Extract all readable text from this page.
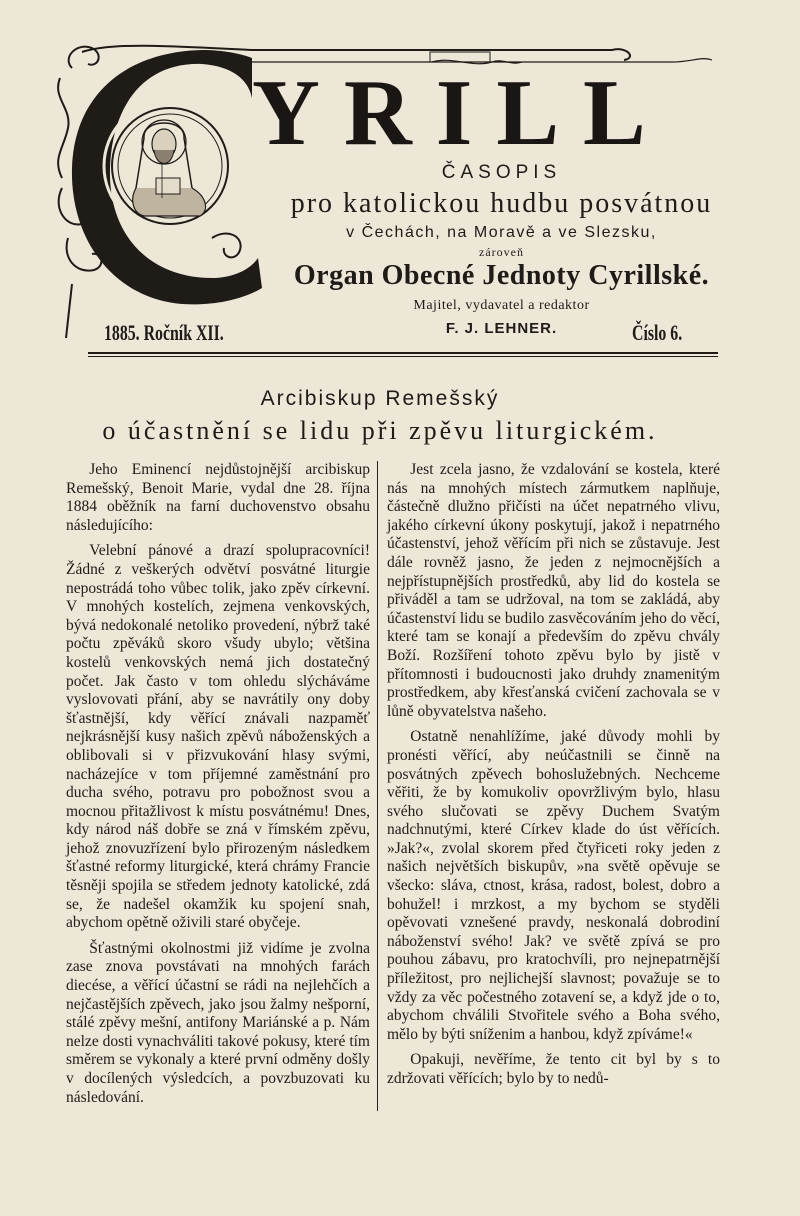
YRILL
ČASOPIS
pro katolickou hudbu posvátnou
v Čechách, na Moravě a ve Slezsku,
zároveň
Organ Obecné Jednoty Cyrillské.
Majitel, vydavatel a redaktor
1885. Ročník XII.	F. J. LEHNER.	Číslo 6.
Arcibiskup Remešský
o účastnění se lidu při zpěvu liturgickém.

Jeho Eminencí nejdůstojnější arcibiskup Remešský, Benoit Marie, vydal dne 28. října 1884 oběžník na farní duchovenstvo obsahu následujícího:

Velební pánové a drazí spolupracovníci! Žádné z veškerých odvětví posvátné liturgie nepostrádá toho vůbec tolik, jako zpěv církevní. V mnohých kostelích, zejmena venkovských, bývá nedokonalé netoliko provedení, nýbrž také počtu zpěváků skoro všudy ubylo; většina kostelů venkovských nemá jich dostatečný počet. Jak často v tom ohledu slýcháváme vyslovovati přání, aby se navrátily ony doby šťastnější, kdy věřící znávali nazpaměť nejkrásnější kusy našich zpěvů náboženských a oblibovali si v přizvukování hlasy svými, nacházejíce v tom příjemné zaměstnání pro ducha svého, potravu pro pobožnost svou a mocnou přitažlivost k místu posvátnému! Dnes, kdy národ náš dobře se zná v římském zpěvu, jehož znovuzřízení bylo přirozeným následkem šťastné reformy liturgické, která chrámy Francie těsněji spojila se středem jednoty katolické, zdá se, že nadešel okamžik ku spojení snah, abychom opětně oživili staré obyčeje.

Šťastnými okolnostmi již vidíme je zvolna zase znova povstávati na mnohých farách diecése, a věřící účastní se rádi na nejlehčích a nejčastějších zpěvech, jako jsou žalmy nešporní, stálé zpěvy mešní, antifony Mariánské a p. Nám nelze dosti vynachváliti takové pokusy, které tím směrem se vykonaly a které první odměny došly v docílených výsledcích, a povzbuzovati ku následování.

Jest zcela jasno, že vzdalování se kostela, které nás na mnohých místech zármutkem naplňuje, částečně dlužno přičísti na účet nepatrného vlivu, jakého církevní úkony poskytují, jakož i nepatrného účastenství, jehož věřícím při nich se zůstavuje. Jest dále rovněž jasno, že jeden z nejmocnějších a nejpřístupnějších prostředků, aby lid do kostela se přiváděl a tam se udržoval, na tom se zakládá, aby účastenství lidu se budilo zasvěcováním jeho do věcí, které tam se konají a především do zpěvu chvály Boží. Rozšíření tohoto zpěvu bylo by jistě v přítomnosti i budoucnosti jako druhdy znamenitým prostředkem, aby křesťanská cvičení zachovala se v lůně obyvatelstva našeho.

Ostatně nenahlížíme, jaké důvody mohli by pronésti věřící, aby neúčastnili se činně na posvátných zpěvech bohoslužebných. Nechceme věřiti, že by komukoliv opovržlivým bylo, hlasu svého slučovati se zpěvy Duchem Svatým nadchnutými, které Církev klade do úst věřících. »Jak?«, zvolal skorem před čtyřiceti roky jeden z našich největších biskupův, »na světě opěvuje se všecko: sláva, ctnost, krása, radost, bolest, dobro a bohužel! i mrzkost, a my bychom se styděli opěvovati vznešené pravdy, neskonalá dobrodiní náboženství svého! Jak? ve světě zpívá se pro pouhou zábavu, pro kratochvíli, pro nejnepatrnější příležitost, pro nejlichejší slavnost; považuje se to vždy za věc počestného zotavení se, a když jde o to, abychom chválili Stvořitele svého a Boha svého, mělo by býti sníženim a hanbou, když zpíváme!«

Opakuji, nevěříme, že tento cit byl by s to zdržovati věřících; bylo by to nedů-
